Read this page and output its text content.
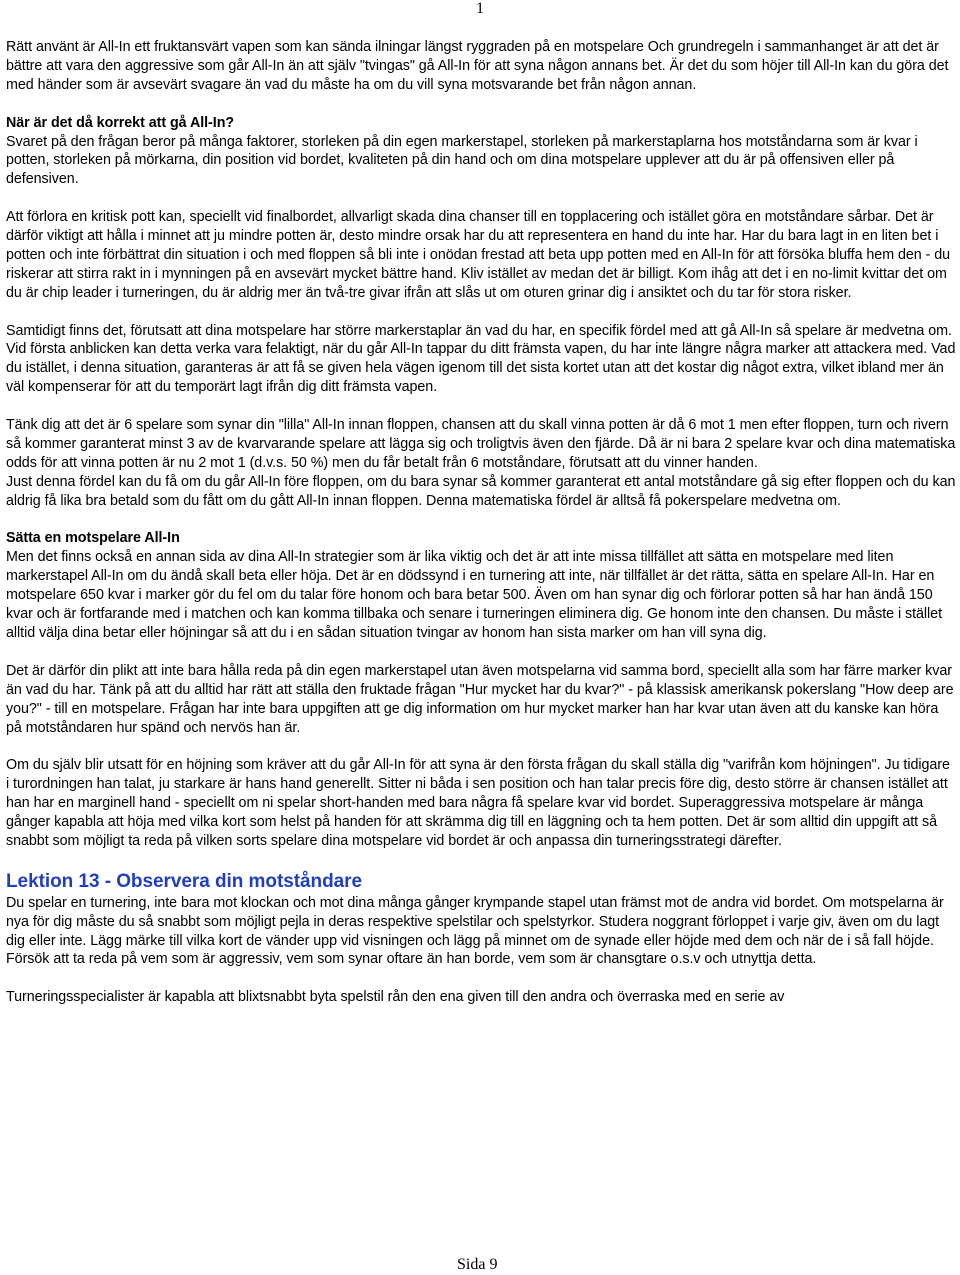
1

Rätt använt är All-In ett fruktansvärt vapen som kan sända ilningar längst ryggraden på en motspelare Och grundregeln i sammanhanget är att det är bättre att vara den aggressive som går All-In än att själv "tvingas" gå All-In för att syna någon annans bet. Är det du som höjer till All-In kan du göra det med händer som är avsevärt svagare än vad du måste ha om du vill syna motsvarande bet från någon annan.

När är det då korrekt att gå All-In?

Svaret på den frågan beror på många faktorer, storleken på din egen markerstapel, storleken på markerstaplarna hos motståndarna som är kvar i potten, storleken på mörkarna, din position vid bordet, kvaliteten på din hand och om dina motspelare upplever att du är på offensiven eller på defensiven.

Att förlora en kritisk pott kan, speciellt vid finalbordet, allvarligt skada dina chanser till en topplacering och istället göra en motståndare sårbar. Det är därför viktigt att hålla i minnet att ju mindre potten är, desto mindre orsak har du att representera en hand du inte har. Har du bara lagt in en liten bet i potten och inte förbättrat din situation i och med floppen så bli inte i onödan frestad att beta upp potten med en All-In för att försöka bluffa hem den - du riskerar att stirra rakt in i mynningen på en avsevärt mycket bättre hand. Kliv istället av medan det är billigt. Kom ihåg att det i en no-limit kvittar det om du är chip leader i turneringen, du är aldrig mer än två-tre givar ifrån att slås ut om oturen grinar dig i ansiktet och du tar för stora risker.

Samtidigt finns det, förutsatt att dina motspelare har större markerstaplar än vad du har, en specifik fördel med att gå All-In så spelare är medvetna om. Vid första anblicken kan detta verka vara felaktigt, när du går All-In tappar du ditt främsta vapen, du har inte längre några marker att attackera med. Vad du istället, i denna situation, garanteras är att få se given hela vägen igenom till det sista kortet utan att det kostar dig något extra, vilket ibland mer än väl kompenserar för att du temporärt lagt ifrån dig ditt främsta vapen.

Tänk dig att det är 6 spelare som synar din "lilla" All-In innan floppen, chansen att du skall vinna potten är då 6 mot 1 men efter floppen, turn och rivern så kommer garanterat minst 3 av de kvarvarande spelare att lägga sig och troligtvis även den fjärde. Då är ni bara 2 spelare kvar och dina matematiska odds för att vinna potten är nu 2 mot 1 (d.v.s. 50 %) men du får betalt från 6 motståndare, förutsatt att du vinner handen.

Just denna fördel kan du få om du går All-In före floppen, om du bara synar så kommer garanterat ett antal motståndare gå sig efter floppen och du kan aldrig få lika bra betald som du fått om du gått All-In innan floppen. Denna matematiska fördel är alltså få pokerspelare medvetna om.

Sätta en motspelare All-In

Men det finns också en annan sida av dina All-In strategier som är lika viktig och det är att inte missa tillfället att sätta en motspelare med liten markerstapel All-In om du ändå skall beta eller höja. Det är en dödssynd i en turnering att inte, när tillfället är det rätta, sätta en spelare All-In. Har en motspelare 650 kvar i marker gör du fel om du talar före honom och bara betar 500. Även om han synar dig och förlorar potten så har han ändå 150 kvar och är fortfarande med i matchen och kan komma tillbaka och senare i turneringen eliminera dig. Ge honom inte den chansen. Du måste i stället alltid välja dina betar eller höjningar så att du i en sådan situation tvingar av honom han sista marker om han vill syna dig.

Det är därför din plikt att inte bara hålla reda på din egen markerstapel utan även motspelarna vid samma bord, speciellt alla som har färre marker kvar än vad du har. Tänk på att du alltid har rätt att ställa den fruktade frågan "Hur mycket har du kvar?" - på klassisk amerikansk pokerslang "How deep are you?" - till en motspelare. Frågan har inte bara uppgiften att ge dig information om hur mycket marker han har kvar utan även att du kanske kan höra på motståndaren hur spänd och nervös han är.

Om du själv blir utsatt för en höjning som kräver att du går All-In för att syna är den första frågan du skall ställa dig "varifrån kom höjningen". Ju tidigare i turordningen han talat, ju starkare är hans hand generellt. Sitter ni båda i sen position och han talar precis före dig, desto större är chansen istället att han har en marginell hand - speciellt om ni spelar short-handen med bara några få spelare kvar vid bordet. Superaggressiva motspelare är många gånger kapabla att höja med vilka kort som helst på handen för att skrämma dig till en läggning och ta hem potten. Det är som alltid din uppgift att så snabbt som möjligt ta reda på vilken sorts spelare dina motspelare vid bordet är och anpassa din turneringsstrategi därefter.

Lektion 13 - Observera din motståndare

Du spelar en turnering, inte bara mot klockan och mot dina många gånger krympande stapel utan främst mot de andra vid bordet. Om motspelarna är nya för dig måste du så snabbt som möjligt pejla in deras respektive spelstilar och spelstyrkor. Studera noggrant förloppet i varje giv, även om du lagt dig eller inte. Lägg märke till vilka kort de vänder upp vid visningen och lägg på minnet om de synade eller höjde med dem och när de i så fall höjde. Försök att ta reda på vem som är aggressiv, vem som synar oftare än han borde, vem som är chansgtare o.s.v och utnyttja detta.

Turneringsspecialister är kapabla att blixtsnabbt byta spelstil rån den ena given till den andra och överraska med en serie av

Sida 9
